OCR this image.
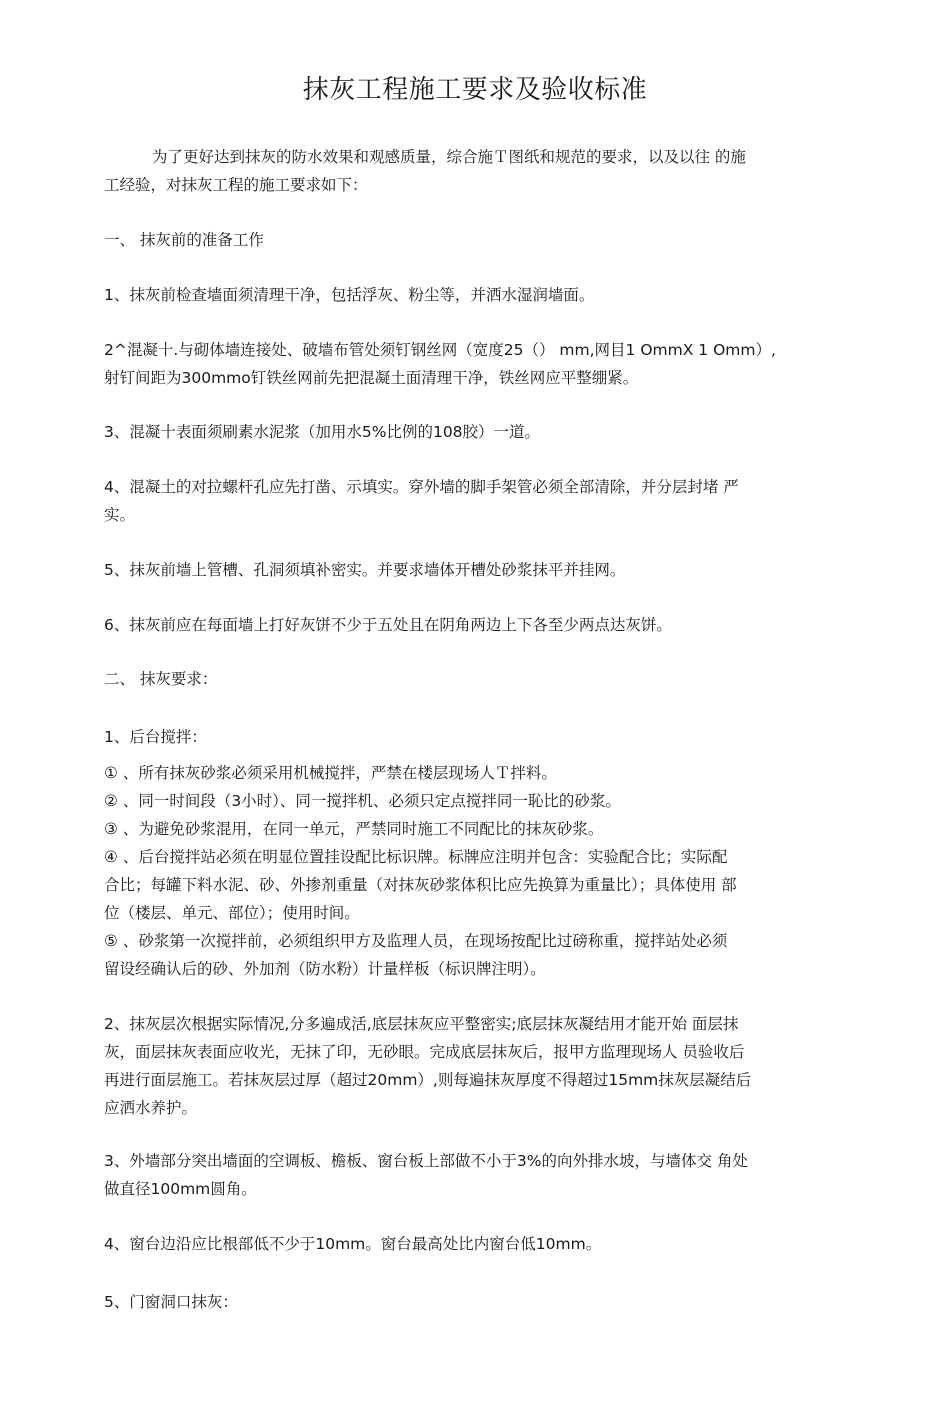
抹灰工程施工要求及验收标准
为了更好达到抹灰的防水效果和观感质量，综合施Ｔ图纸和规范的要求，以及以往 的施
工经验，对抹灰工程的施工要求如下：
一、 抹灰前的准备工作
1、抹灰前检查墙面须清理干净，包括浮灰、粉尘等，并洒水湿润墙面。
2^混凝十.与砌体墙连接处、破墙布管处须钉钢丝网（宽度25（） mm,网目1 OmmX 1 Omm）,
射钉间距为300mmo钉铁丝网前先把混凝土面清理干净，铁丝网应平整绷紧。
3、混凝十表面须刷素水泥浆（加用水5%比例的108胶）一道。
4、混凝土的对拉螺杆孔应先打凿、示填实。穿外墙的脚手架管必须全部清除，并分层封堵 严
实。
5、抹灰前墙上管槽、孔洞须填补密实。并要求墙体开槽处砂浆抹平并挂网。
6、抹灰前应在每面墙上打好灰饼不少于五处且在阴角两边上下各至少两点达灰饼。
二、 抹灰要求：
1、后台搅拌：
① 、所有抹灰砂浆必须采用机械搅拌，严禁在楼层现场人Ｔ拌料。
② 、同一时间段（3小时）、同一搅拌机、必须只定点搅拌同一恥比的砂浆。
③ 、为避免砂浆混用，在同一单元，严禁同时施工不同配比的抹灰砂浆。
④ 、后台搅拌站必须在明显位置挂设配比标识牌。标牌应注明并包含：实验配合比；实际配
合比；每罐下料水泥、砂、外掺剂重量（对抹灰砂浆体积比应先换算为重量比）；具体使用 部
位（楼层、单元、部位）；使用时间。
⑤ 、砂浆第一次搅拌前，必须组织甲方及监理人员，在现场按配比过磅称重，搅拌站处必须
留设经确认后的砂、外加剂（防水粉）计量样板（标识牌注明）。
2、抹灰层次根据实际情况,分多遍成活,底层抹灰应平整密实;底层抹灰凝结用才能开始 面层抹
灰，面层抹灰表面应收光，无抹了印，无砂眼。完成底层抹灰后，报甲方监理现场人 员验收后
再进行面层施工。若抹灰层过厚（超过20mm）,则每遍抹灰厚度不得超过15mm抹灰层凝结后
应洒水养护。
3、外墙部分突出墙面的空调板、檐板、窗台板上部做不小于3%的向外排水坡，与墙体交 角处
做直径100mm圆角。
4、窗台边沿应比根部低不少于10mm。窗台最高处比内窗台低10mm。
5、门窗洞口抹灰：
